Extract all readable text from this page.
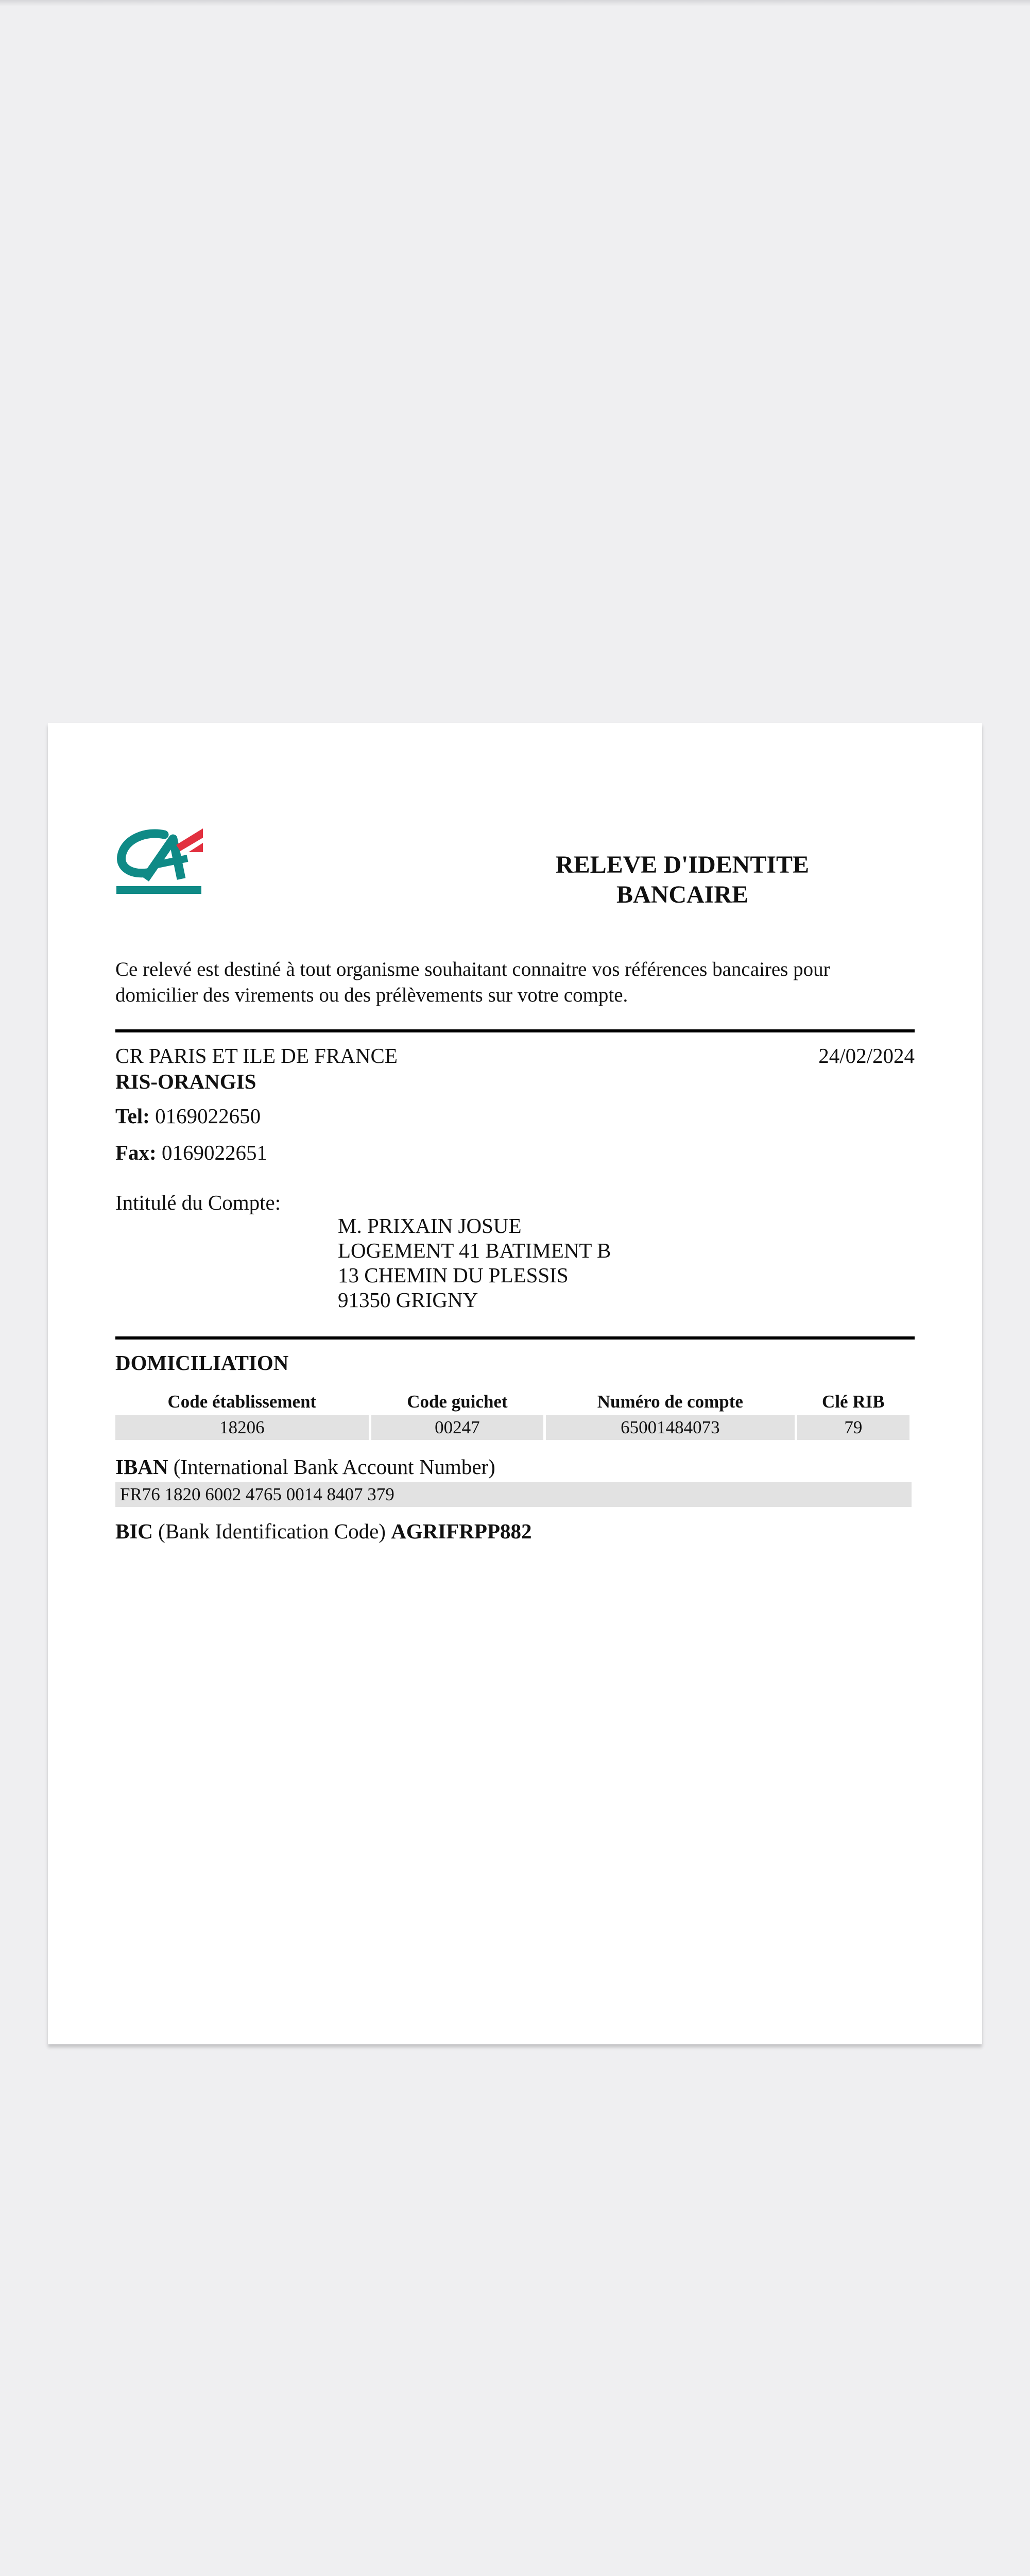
RELEVE D'IDENTITE BANCAIRE

Ce relevé est destiné à tout organisme souhaitant connaitre vos références bancaires pour domicilier des virements ou des prélèvements sur votre compte.

CR PARIS ET ILE DE FRANCE	24/02/2024
RIS-ORANGIS
Tel: 0169022650
Fax: 0169022651
Intitulé du Compte:
M. PRIXAIN JOSUE
LOGEMENT 41 BATIMENT B
13 CHEMIN DU PLESSIS
91350 GRIGNY
DOMICILIATION
Code établissement	Code guichet	Numéro de compte	Clé RIB
18206	00247	65001484073	79
IBAN (International Bank Account Number)
FR76 1820 6002 4765 0014 8407 379
BIC (Bank Identification Code) AGRIFRPP882
